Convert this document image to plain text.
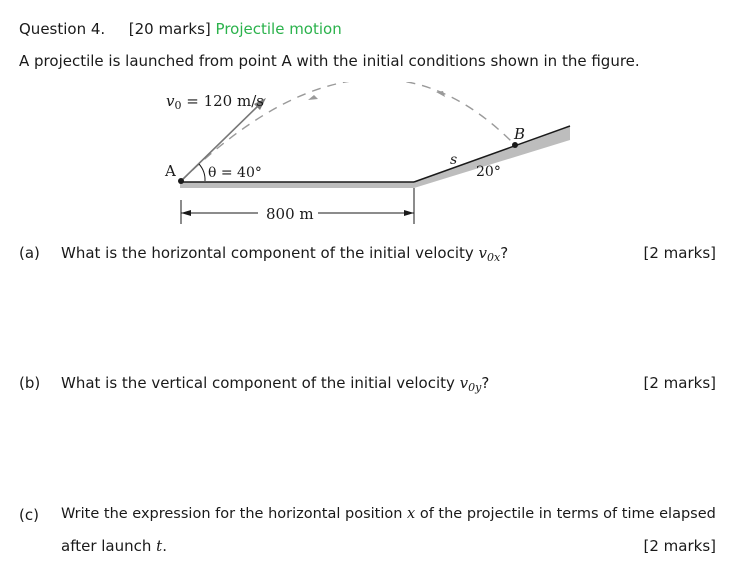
Question 4. [20 marks] Projectile motion
A projectile is launched from point A with the initial conditions shown in the figure.
$v_0 = 120$ m/s
θ = 40°
A
B
s
20°
800 m
(a) What is the horizontal component of the initial velocity $v_{0x}$?	[2 marks]
(b) What is the vertical component of the initial velocity $v_{0y}$?	[2 marks]
(c) Write the expression for the horizontal position x of the projectile in terms of time elapsed
after launch t.	[2 marks]
